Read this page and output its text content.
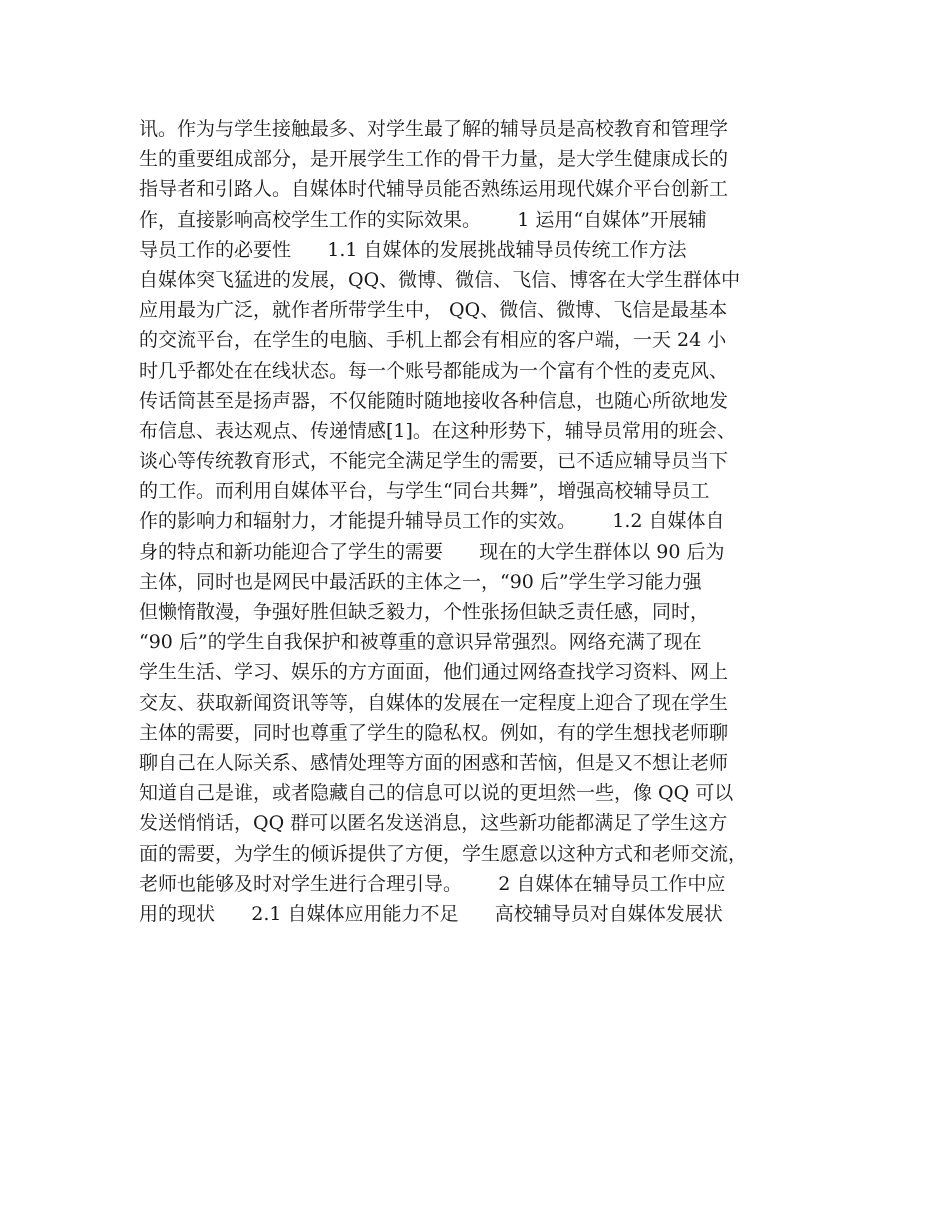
讯。作为与学生接触最多、对学生最了解的辅导员是高校教育和管理学
生的重要组成部分，是开展学生工作的骨干力量，是大学生健康成长的
指导者和引路人。自媒体时代辅导员能否熟练运用现代媒介平台创新工
作，直接影响高校学生工作的实际效果。      1 运用“自媒体”开展辅
导员工作的必要性      1.1 自媒体的发展挑战辅导员传统工作方法
自媒体突飞猛进的发展，QQ、微博、微信、飞信、博客在大学生群体中
应用最为广泛，就作者所带学生中， QQ、微信、微博、飞信是最基本
的交流平台，在学生的电脑、手机上都会有相应的客户端，一天 24 小
时几乎都处在在线状态。每一个账号都能成为一个富有个性的麦克风、
传话筒甚至是扬声器，不仅能随时随地接收各种信息，也随心所欲地发
布信息、表达观点、传递情感[1]。在这种形势下，辅导员常用的班会、
谈心等传统教育形式，不能完全满足学生的需要，已不适应辅导员当下
的工作。而利用自媒体平台，与学生“同台共舞”，增强高校辅导员工
作的影响力和辐射力，才能提升辅导员工作的实效。      1.2 自媒体自
身的特点和新功能迎合了学生的需要      现在的大学生群体以 90 后为
主体，同时也是网民中最活跃的主体之一，“90 后”学生学习能力强
但懒惰散漫，争强好胜但缺乏毅力，个性张扬但缺乏责任感，同时，
“90 后”的学生自我保护和被尊重的意识异常强烈。网络充满了现在
学生生活、学习、娱乐的方方面面，他们通过网络查找学习资料、网上
交友、获取新闻资讯等等，自媒体的发展在一定程度上迎合了现在学生
主体的需要，同时也尊重了学生的隐私权。例如，有的学生想找老师聊
聊自己在人际关系、感情处理等方面的困惑和苦恼，但是又不想让老师
知道自己是谁，或者隐藏自己的信息可以说的更坦然一些，像 QQ 可以
发送悄悄话，QQ 群可以匿名发送消息，这些新功能都满足了学生这方
面的需要，为学生的倾诉提供了方便，学生愿意以这种方式和老师交流，
老师也能够及时对学生进行合理引导。      2 自媒体在辅导员工作中应
用的现状      2.1 自媒体应用能力不足      高校辅导员对自媒体发展状
